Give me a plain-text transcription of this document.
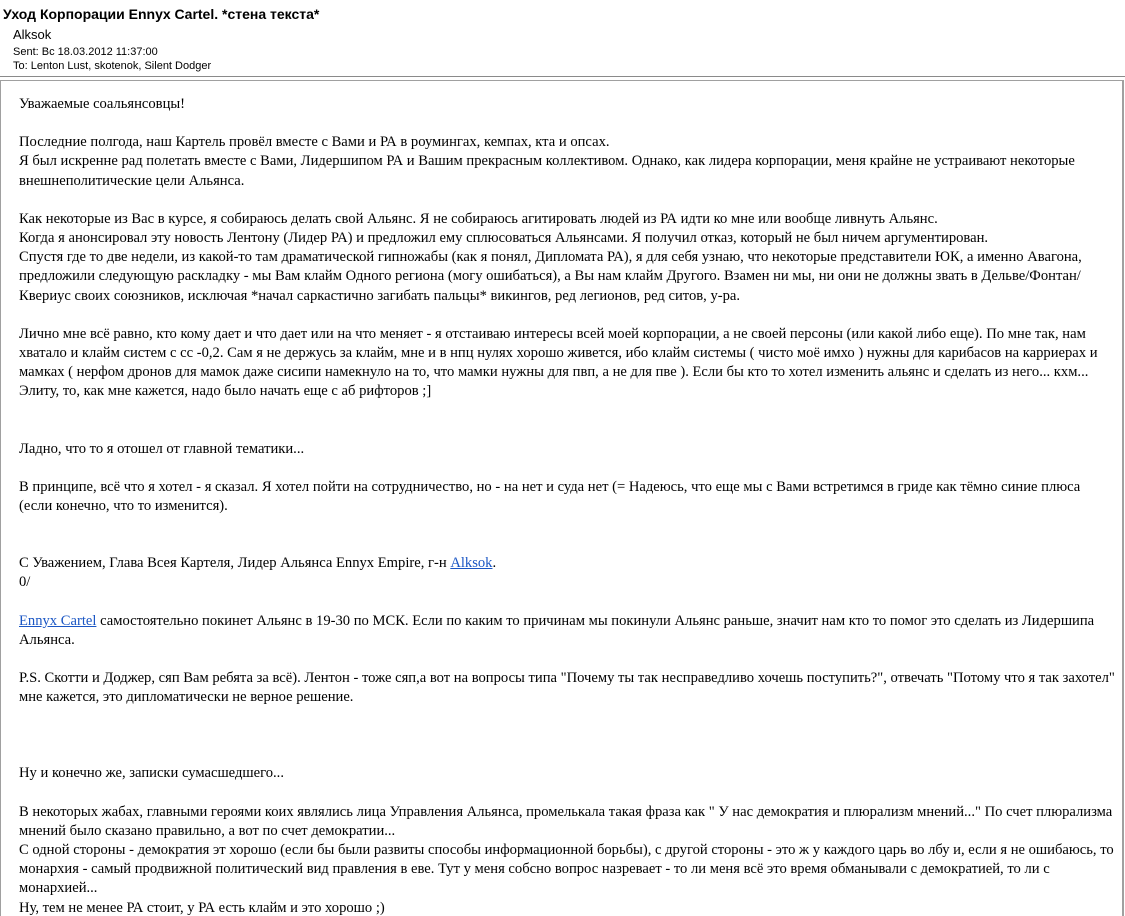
Уход Корпорации Ennyx Cartel. *стена текста*
Alksok
Sent: Вс 18.03.2012 11:37:00
To: Lenton Lust, skotenok, Silent Dodger

Уважаемые соальянсовцы!

Последние полгода, наш Картель провёл вместе с Вами и РА в роумингах, кемпах, кта и опсах.

Я был искренне рад полетать вместе с Вами, Лидершипом РА и Вашим прекрасным коллективом. Однако, как лидера корпорации, меня крайне не устраивают некоторые внешнеполитические цели Альянса.

Как некоторые из Вас в курсе, я собираюсь делать свой Альянс. Я не собираюсь агитировать людей из РА идти ко мне или вообще ливнуть Альянс.

Когда я анонсировал эту новость Лентону (Лидер РА) и предложил ему сплюсоваться Альянсами. Я получил отказ, который не был ничем аргументирован.

Спустя где то две недели, из какой-то там драматической гипножабы (как я понял, Дипломата РА), я для себя узнаю, что некоторые представители ЮК, а именно Авагона, предложили следующую раскладку - мы Вам клайм Одного региона (могу ошибаться), а Вы нам клайм Другого. Взамен ни мы, ни они не должны звать в Дельве/Фонтан/Квериус своих союзников, исключая *начал саркастично загибать пальцы* викингов, ред легионов, ред ситов, у-ра.

Лично мне всё равно, кто кому дает и что дает или на что меняет - я отстаиваю интересы всей моей корпорации, а не своей персоны (или какой либо еще). По мне так, нам хватало и клайм систем с сс -0,2. Сам я не держусь за клайм, мне и в нпц нулях хорошо живется, ибо клайм системы ( чисто моё имхо ) нужны для карибасов на карриерах и мамках ( нерфом дронов для мамок даже сисипи намекнуло на то, что мамки нужны для пвп, а не для пве ). Если бы кто то хотел изменить альянс и сделать из него... кхм... Элиту, то, как мне кажется, надо было начать еще с аб рифторов ;]

Ладно, что то я отошел от главной тематики...

В принципе, всё что я хотел - я сказал. Я хотел пойти на сотрудничество, но - на нет и суда нет (= Надеюсь, что еще мы с Вами встретимся в гриде как тёмно синие плюса (если конечно, что то изменится).

С Уважением, Глава Всея Картеля, Лидер Альянса Ennyx Empire, г-н Alksok.

0/

Ennyx Cartel самостоятельно покинет Альянс в 19-30 по МСК. Если по каким то причинам мы покинули Альянс раньше, значит нам кто то помог это сделать из Лидершипа Альянса.

P.S. Скотти и Доджер, сяп Вам ребята за всё). Лентон - тоже сяп,а вот на вопросы типа "Почему ты так несправедливо хочешь поступить?", отвечать "Потому что я так захотел" мне кажется, это дипломатически не верное решение.

Ну и конечно же, записки сумасшедшего...

В некоторых жабах, главными героями коих являлись лица Управления Альянса, промелькала такая фраза как " У нас демократия и плюрализм мнений..." По счет плюрализма мнений было сказано правильно, а вот по счет демократии...

С одной стороны - демократия эт хорошо (если бы были развиты способы информационной борьбы), с другой стороны - это ж у каждого царь во лбу и, если я не ошибаюсь, то монархия - самый продвижной политический вид правления в еве. Тут у меня собсно вопрос назревает - то ли меня всё это время обманывали с демократией, то ли с монархией...

Ну, тем не менее РА стоит, у РА есть клайм и это хорошо ;)
